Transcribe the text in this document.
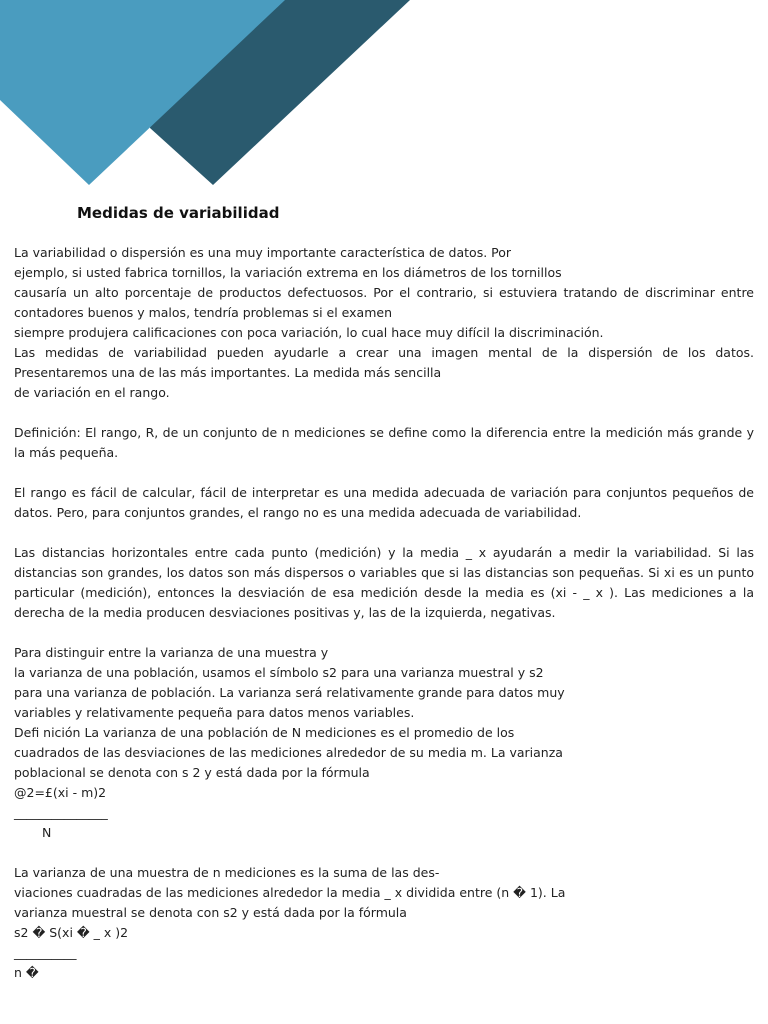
Medidas de variabilidad
La variabilidad o dispersión es una muy importante característica de datos. Por
ejemplo, si usted fabrica tornillos, la variación extrema en los diámetros de los tornillos
causaría un alto porcentaje de productos defectuosos. Por el contrario, si estuviera tratando de discriminar entre contadores buenos y malos, tendría problemas si el examen
siempre produjera calificaciones con poca variación, lo cual hace muy difícil la discriminación.
Las medidas de variabilidad pueden ayudarle a crear una imagen mental de la dispersión de los datos. Presentaremos una de las más importantes. La medida más sencilla
de variación en el rango.
Definición: El rango, R, de un conjunto de n mediciones se define como la diferencia entre la medición más grande y la más pequeña.
El rango es fácil de calcular, fácil de interpretar es una medida adecuada de variación para conjuntos pequeños de datos. Pero, para conjuntos grandes, el rango no es una medida adecuada de variabilidad.
Las distancias horizontales entre cada punto (medición) y la media _ x ayudarán a medir la variabilidad. Si las distancias son grandes, los datos son más dispersos o variables que si las distancias son pequeñas. Si xi es un punto particular (medición), entonces la desviación de esa medición desde la media es (xi - _ x ). Las mediciones a la derecha de la media producen desviaciones positivas y, las de la izquierda, negativas.
Para distinguir entre la varianza de una muestra y
la varianza de una población, usamos el símbolo s2 para una varianza muestral y s2
para una varianza de población. La varianza será relativamente grande para datos muy
variables y relativamente pequeña para datos menos variables.
Defi nición La varianza de una población de N mediciones es el promedio de los
cuadrados de las desviaciones de las mediciones alrededor de su media m. La varianza
poblacional se denota con s 2 y está dada por la fórmula
@2=£(xi - m)2
_______________
N
La varianza de una muestra de n mediciones es la suma de las des-
viaciones cuadradas de las mediciones alrededor la media _ x dividida entre (n � 1). La
varianza muestral se denota con s2 y está dada por la fórmula
s2 � S(xi � _ x )2
__________
n �
